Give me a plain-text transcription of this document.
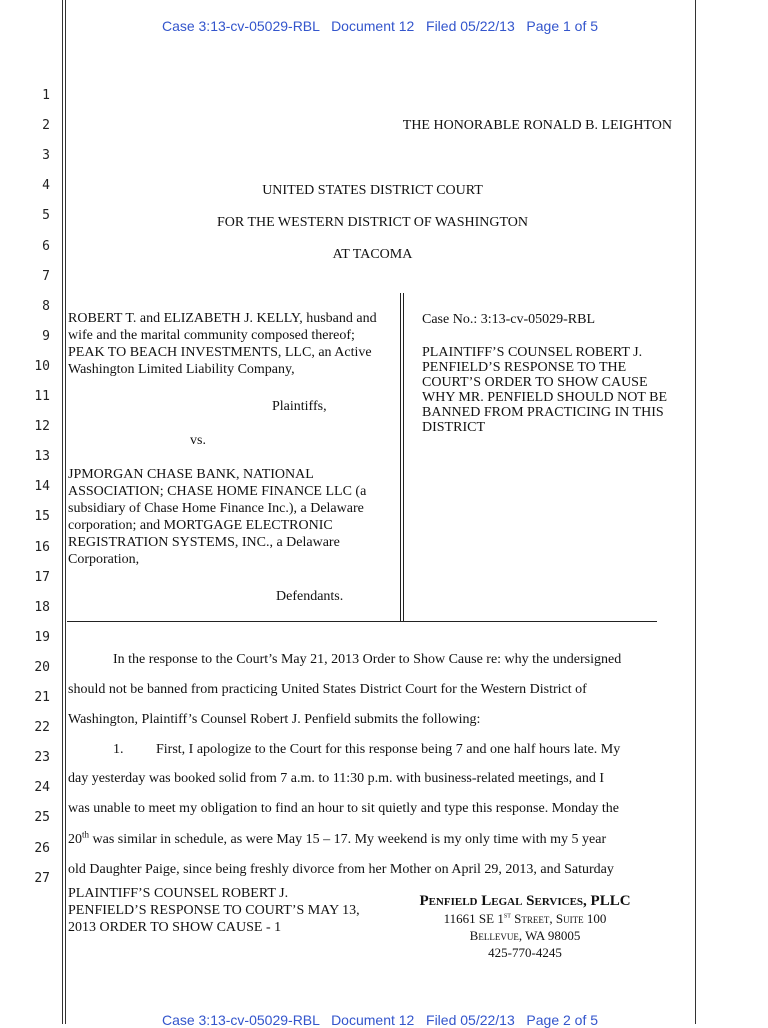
Case 3:13-cv-05029-RBL   Document 12   Filed 05/22/13   Page 1 of 5
1
2
3
4
5
6
7
8
9
10
11
12
13
14
15
16
17
18
19
20
21
22
23
24
25
26
27
THE HONORABLE RONALD B. LEIGHTON
UNITED STATES DISTRICT COURT
FOR THE WESTERN DISTRICT OF WASHINGTON
AT TACOMA
ROBERT T. and ELIZABETH J. KELLY, husband and wife and the marital community composed thereof; PEAK TO BEACH INVESTMENTS, LLC, an Active Washington Limited Liability Company,
Plaintiffs,
vs.
JPMORGAN CHASE BANK, NATIONAL ASSOCIATION; CHASE HOME FINANCE LLC (a subsidiary of Chase Home Finance Inc.), a Delaware corporation; and MORTGAGE ELECTRONIC REGISTRATION SYSTEMS, INC., a Delaware Corporation,
Defendants.
Case No.: 3:13-cv-05029-RBL
PLAINTIFF’S COUNSEL ROBERT J. PENFIELD’S RESPONSE TO THE COURT’S ORDER TO SHOW CAUSE WHY MR. PENFIELD SHOULD NOT BE BANNED FROM PRACTICING IN THIS DISTRICT
In the response to the Court’s May 21, 2013 Order to Show Cause re: why the undersigned
should not be banned from practicing United States District Court for the Western District of
Washington, Plaintiff’s Counsel Robert J. Penfield submits the following:
1. First, I apologize to the Court for this response being 7 and one half hours late. My
day yesterday was booked solid from 7 a.m. to 11:30 p.m. with business-related meetings, and I
was unable to meet my obligation to find an hour to sit quietly and type this response. Monday the
20th was similar in schedule, as were May 15 – 17. My weekend is my only time with my 5 year
old Daughter Paige, since being freshly divorce from her Mother on April 29, 2013, and Saturday
PLAINTIFF’S COUNSEL ROBERT J. PENFIELD’S RESPONSE TO COURT’S MAY 13, 2013 ORDER TO SHOW CAUSE - 1
Penfield Legal Services, PLLC
11661 SE 1st Street, Suite 100
Bellevue, WA 98005
425-770-4245
Case 3:13-cv-05029-RBL   Document 12   Filed 05/22/13   Page 2 of 5
